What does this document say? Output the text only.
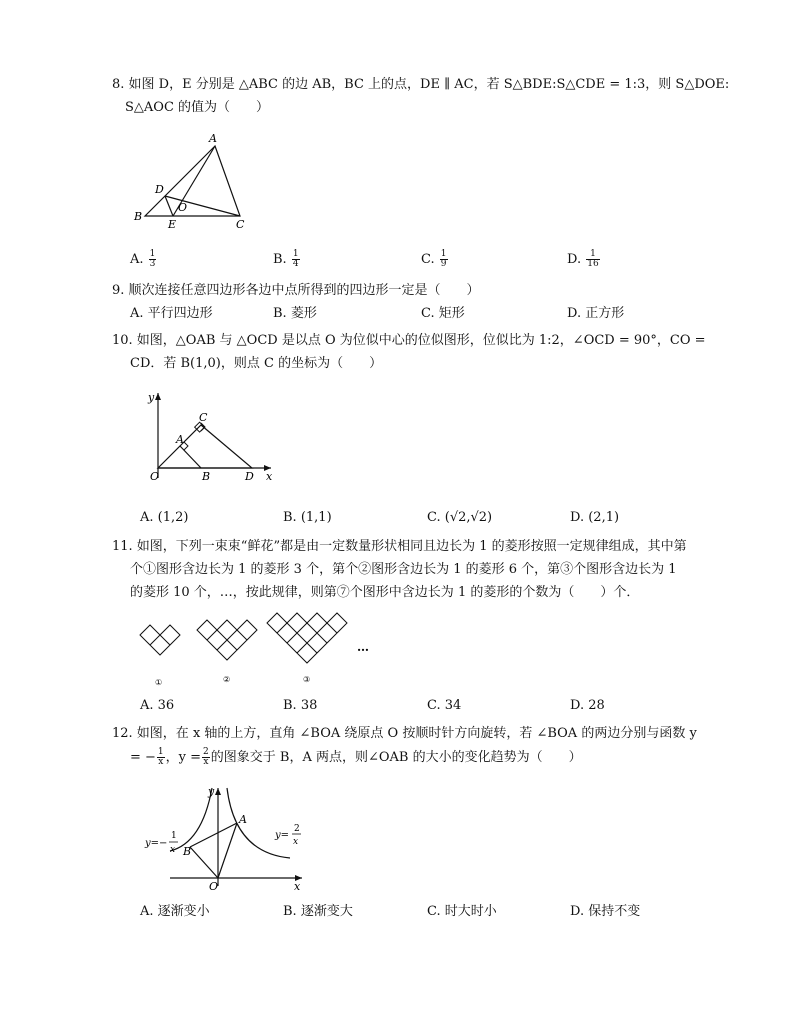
8. 如图 D，E 分别是 △ABC 的边 AB，BC 上的点，DE ∥ AC，若 S△BDE:S△CDE = 1:3，则 S△DOE:
S△AOC 的值为（　　）
A
B
C
D
E
O
A. $\frac{1}{3}$	B. $\frac{1}{4}$	C. $\frac{1}{9}$	D. $\frac{1}{16}$
9. 顺次连接任意四边形各边中点所得到的四边形一定是（　　）
A. 平行四边形	B. 菱形	C. 矩形	D. 正方形
10. 如图，△OAB 与 △OCD 是以点 O 为位似中心的位似图形，位似比为 1:2，∠OCD = 90°，CO =
CD．若 B(1,0)，则点 C 的坐标为（　　）
y
x
O
A
B
C
D
A. (1,2)	B. (1,1)	C. (√2,√2)	D. (2,1)
11. 如图，下列一束束“鲜花”都是由一定数量形状相同且边长为 1 的菱形按照一定规律组成，其中第
个①图形含边长为 1 的菱形 3 个，第个②图形含边长为 1 的菱形 6 个，第③个图形含边长为 1
的菱形 10 个，…，按此规律，则第⑦个图形中含边长为 1 的菱形的个数为（　　）个．
…
①	②	③
A. 36	B. 38	C. 34	D. 28
12. 如图，在 x 轴的上方，直角 ∠BOA 绕原点 O 按顺时针方向旋转，若 ∠BOA 的两边分别与函数 y
= − $\frac{1}{x}$ ，$y = \frac{2}{x}$ 的图象交于 B，A 两点，则∠OAB 的大小的变化趋势为（　　）
y
x
O
A
B
y=−
1
x
y=
2
x
A. 逐渐变小	B. 逐渐变大	C. 时大时小	D. 保持不变
